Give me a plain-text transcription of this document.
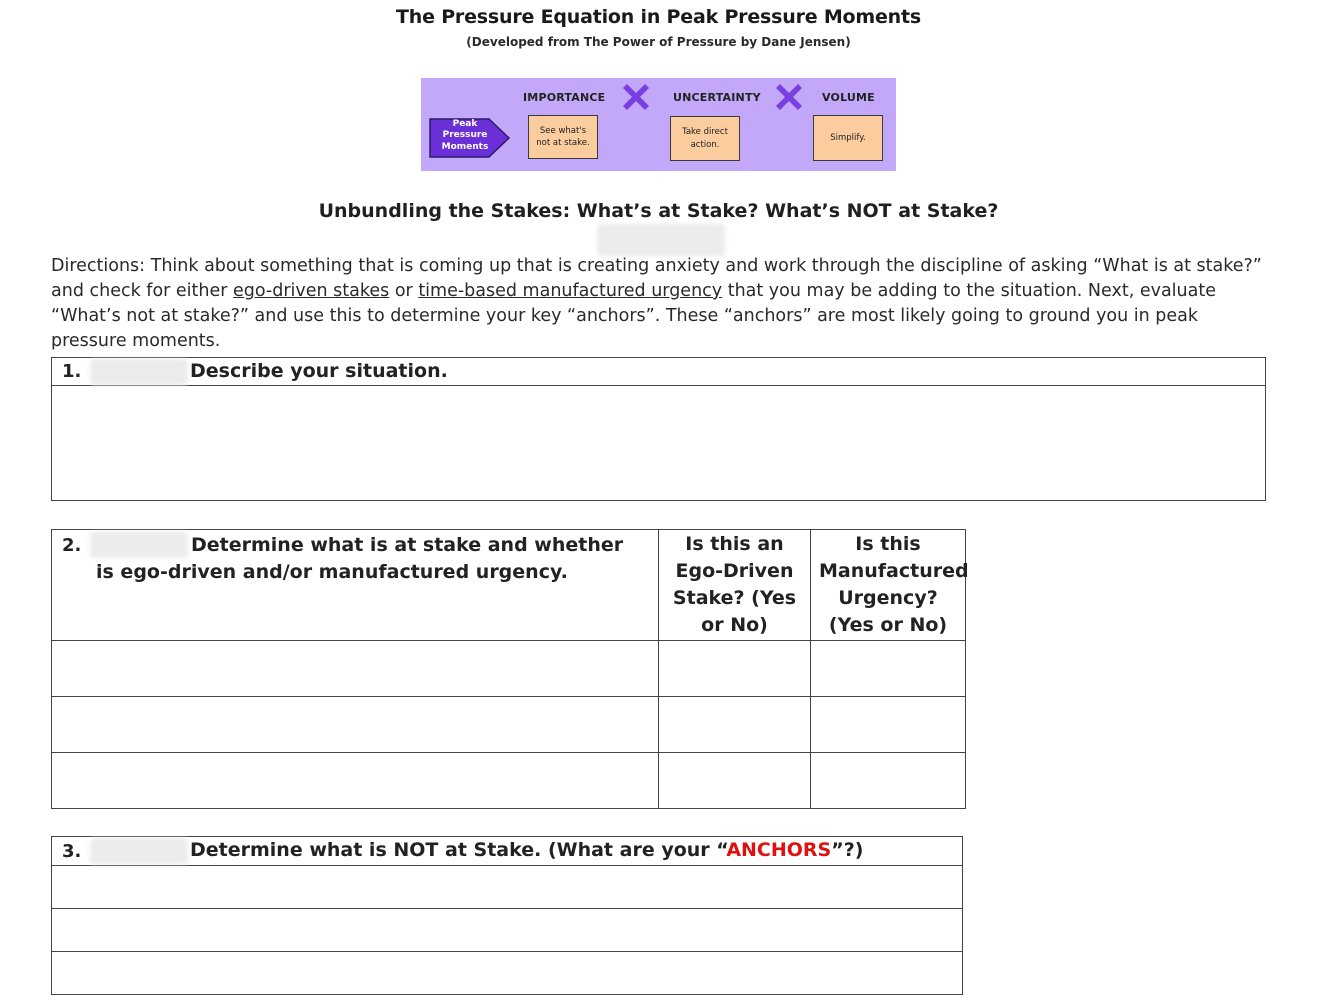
The Pressure Equation in Peak Pressure Moments
(Developed from The Power of Pressure by Dane Jensen)
Peak Pressure Moments
IMPORTANCE
See what's not at stake.
UNCERTAINTY
Take direct action.
VOLUME
Simplify.
Unbundling the Stakes: What’s at Stake? What’s NOT at Stake?
Directions: Think about something that is coming up that is creating anxiety and work through the discipline of asking “What is at stake?” and check for either ego-driven stakes or time-based manufactured urgency that you may be adding to the situation. Next, evaluate “What’s not at stake?” and use this to determine your key “anchors”. These “anchors” are most likely going to ground you in peak pressure moments.
1.	Describe your situation.

2. Determine what is at stake and whether is ego-driven and/or manufactured urgency.	Is this an Ego-Driven Stake? (Yes or No)	Is this Manufactured Urgency? (Yes or No)

3.	Determine what is NOT at Stake. (What are your “ANCHORS”?)
